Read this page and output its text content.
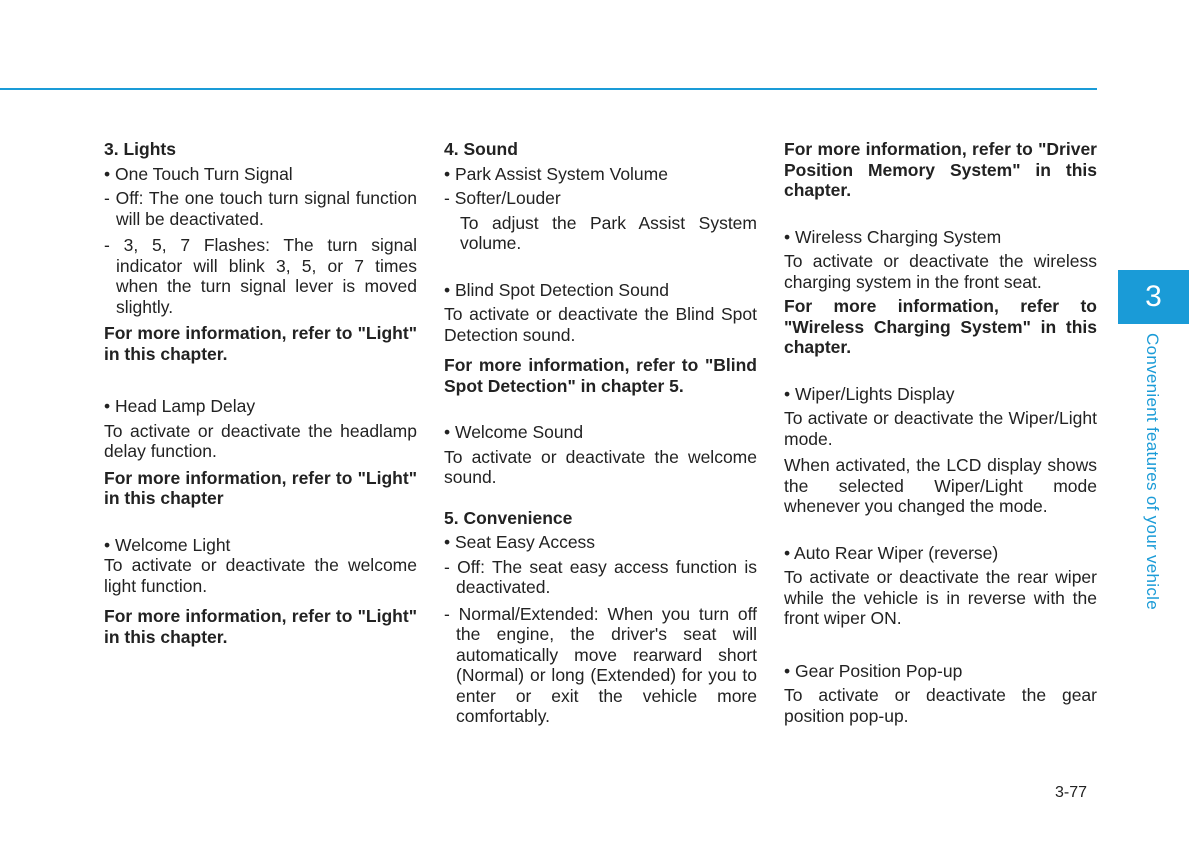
3. Lights

• One Touch Turn Signal

- Off: The one touch turn signal function will be deactivated.

- 3, 5, 7 Flashes: The turn signal indicator will blink 3, 5, or 7 times when the turn signal lever is moved slightly.

For more information, refer to "Light" in this chapter.

• Head Lamp Delay

To activate or deactivate the headlamp delay function.

For more information, refer to "Light" in this chapter

• Welcome Light

To activate or deactivate the welcome light function.

For more information, refer to "Light" in this chapter.

4. Sound

• Park Assist System Volume

- Softer/Louder

To adjust the Park Assist System volume.

• Blind Spot Detection Sound

To activate or deactivate the Blind Spot Detection sound.

For more information, refer to "Blind Spot Detection" in chapter 5.

• Welcome Sound

To activate or deactivate the welcome sound.

5. Convenience

• Seat Easy Access

- Off: The seat easy access function is deactivated.

- Normal/Extended: When you turn off the engine, the driver's seat will automatically move rearward short (Normal) or long (Extended) for you to enter or exit the vehicle more comfortably.

For more information, refer to "Driver Position Memory System" in this chapter.

• Wireless Charging System

To activate or deactivate the wireless charging system in the front seat.

For more information, refer to "Wireless Charging System" in this chapter.

• Wiper/Lights Display

To activate or deactivate the Wiper/Light mode.

When activated, the LCD display shows the selected Wiper/Light mode whenever you changed the mode.

• Auto Rear Wiper (reverse)

To activate or deactivate the rear wiper while the vehicle is in reverse with the front wiper ON.

• Gear Position Pop-up

To activate or deactivate the gear position pop-up.

3
Convenient features of your vehicle
3-77
